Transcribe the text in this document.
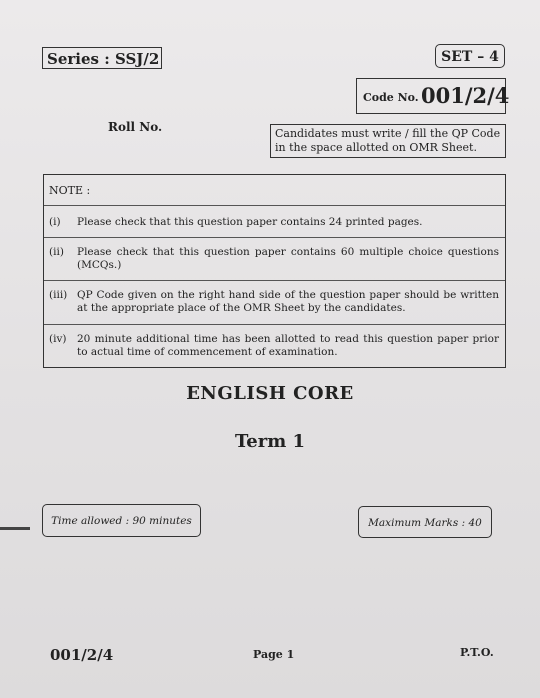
Series : SSJ/2	SET – 4
Code No. 001/2/4
Roll No.	Candidates must write / fill the QP Code in the space allotted on OMR Sheet.
NOTE :
(i) Please check that this question paper contains 24 printed pages.
(ii) Please check that this question paper contains 60 multiple choice questions (MCQs.)
(iii) QP Code given on the right hand side of the question paper should be written at the appropriate place of the OMR Sheet by the candidates.
(iv) 20 minute additional time has been allotted to read this question paper prior to actual time of commencement of examination.
ENGLISH CORE
Term 1
Time allowed : 90 minutes	Maximum Marks : 40
001/2/4	Page 1	P.T.O.
